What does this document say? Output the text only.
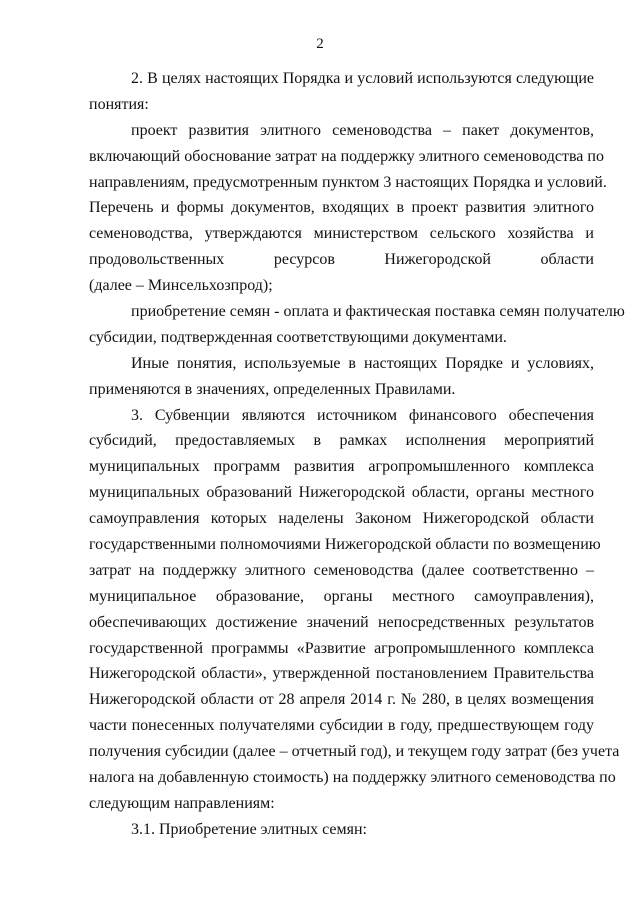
2
2. В целях настоящих Порядка и условий используются следующие
понятия:
проект развития элитного семеноводства – пакет документов,
включающий обоснование затрат на поддержку элитного семеноводства по
направлениям, предусмотренным пунктом 3 настоящих Порядка и условий.
Перечень и формы документов, входящих в проект развития элитного
семеноводства, утверждаются министерством сельского хозяйства и
продовольственных ресурсов Нижегородской области
(далее – Минсельхозпрод);
приобретение семян - оплата и фактическая поставка семян получателю
субсидии, подтвержденная соответствующими документами.
Иные понятия, используемые в настоящих Порядке и условиях,
применяются в значениях, определенных Правилами.
3. Субвенции являются источником финансового обеспечения
субсидий, предоставляемых в рамках исполнения мероприятий
муниципальных программ развития агропромышленного комплекса
муниципальных образований Нижегородской области, органы местного
самоуправления которых наделены Законом Нижегородской области
государственными полномочиями Нижегородской области по возмещению
затрат на поддержку элитного семеноводства (далее соответственно –
муниципальное образование, органы местного самоуправления),
обеспечивающих достижение значений непосредственных результатов
государственной программы «Развитие агропромышленного комплекса
Нижегородской области», утвержденной постановлением Правительства
Нижегородской области от 28 апреля 2014 г. № 280, в целях возмещения
части понесенных получателями субсидии в году, предшествующем году
получения субсидии (далее – отчетный год), и текущем году затрат (без учета
налога на добавленную стоимость) на поддержку элитного семеноводства по
следующим направлениям:
3.1. Приобретение элитных семян:
